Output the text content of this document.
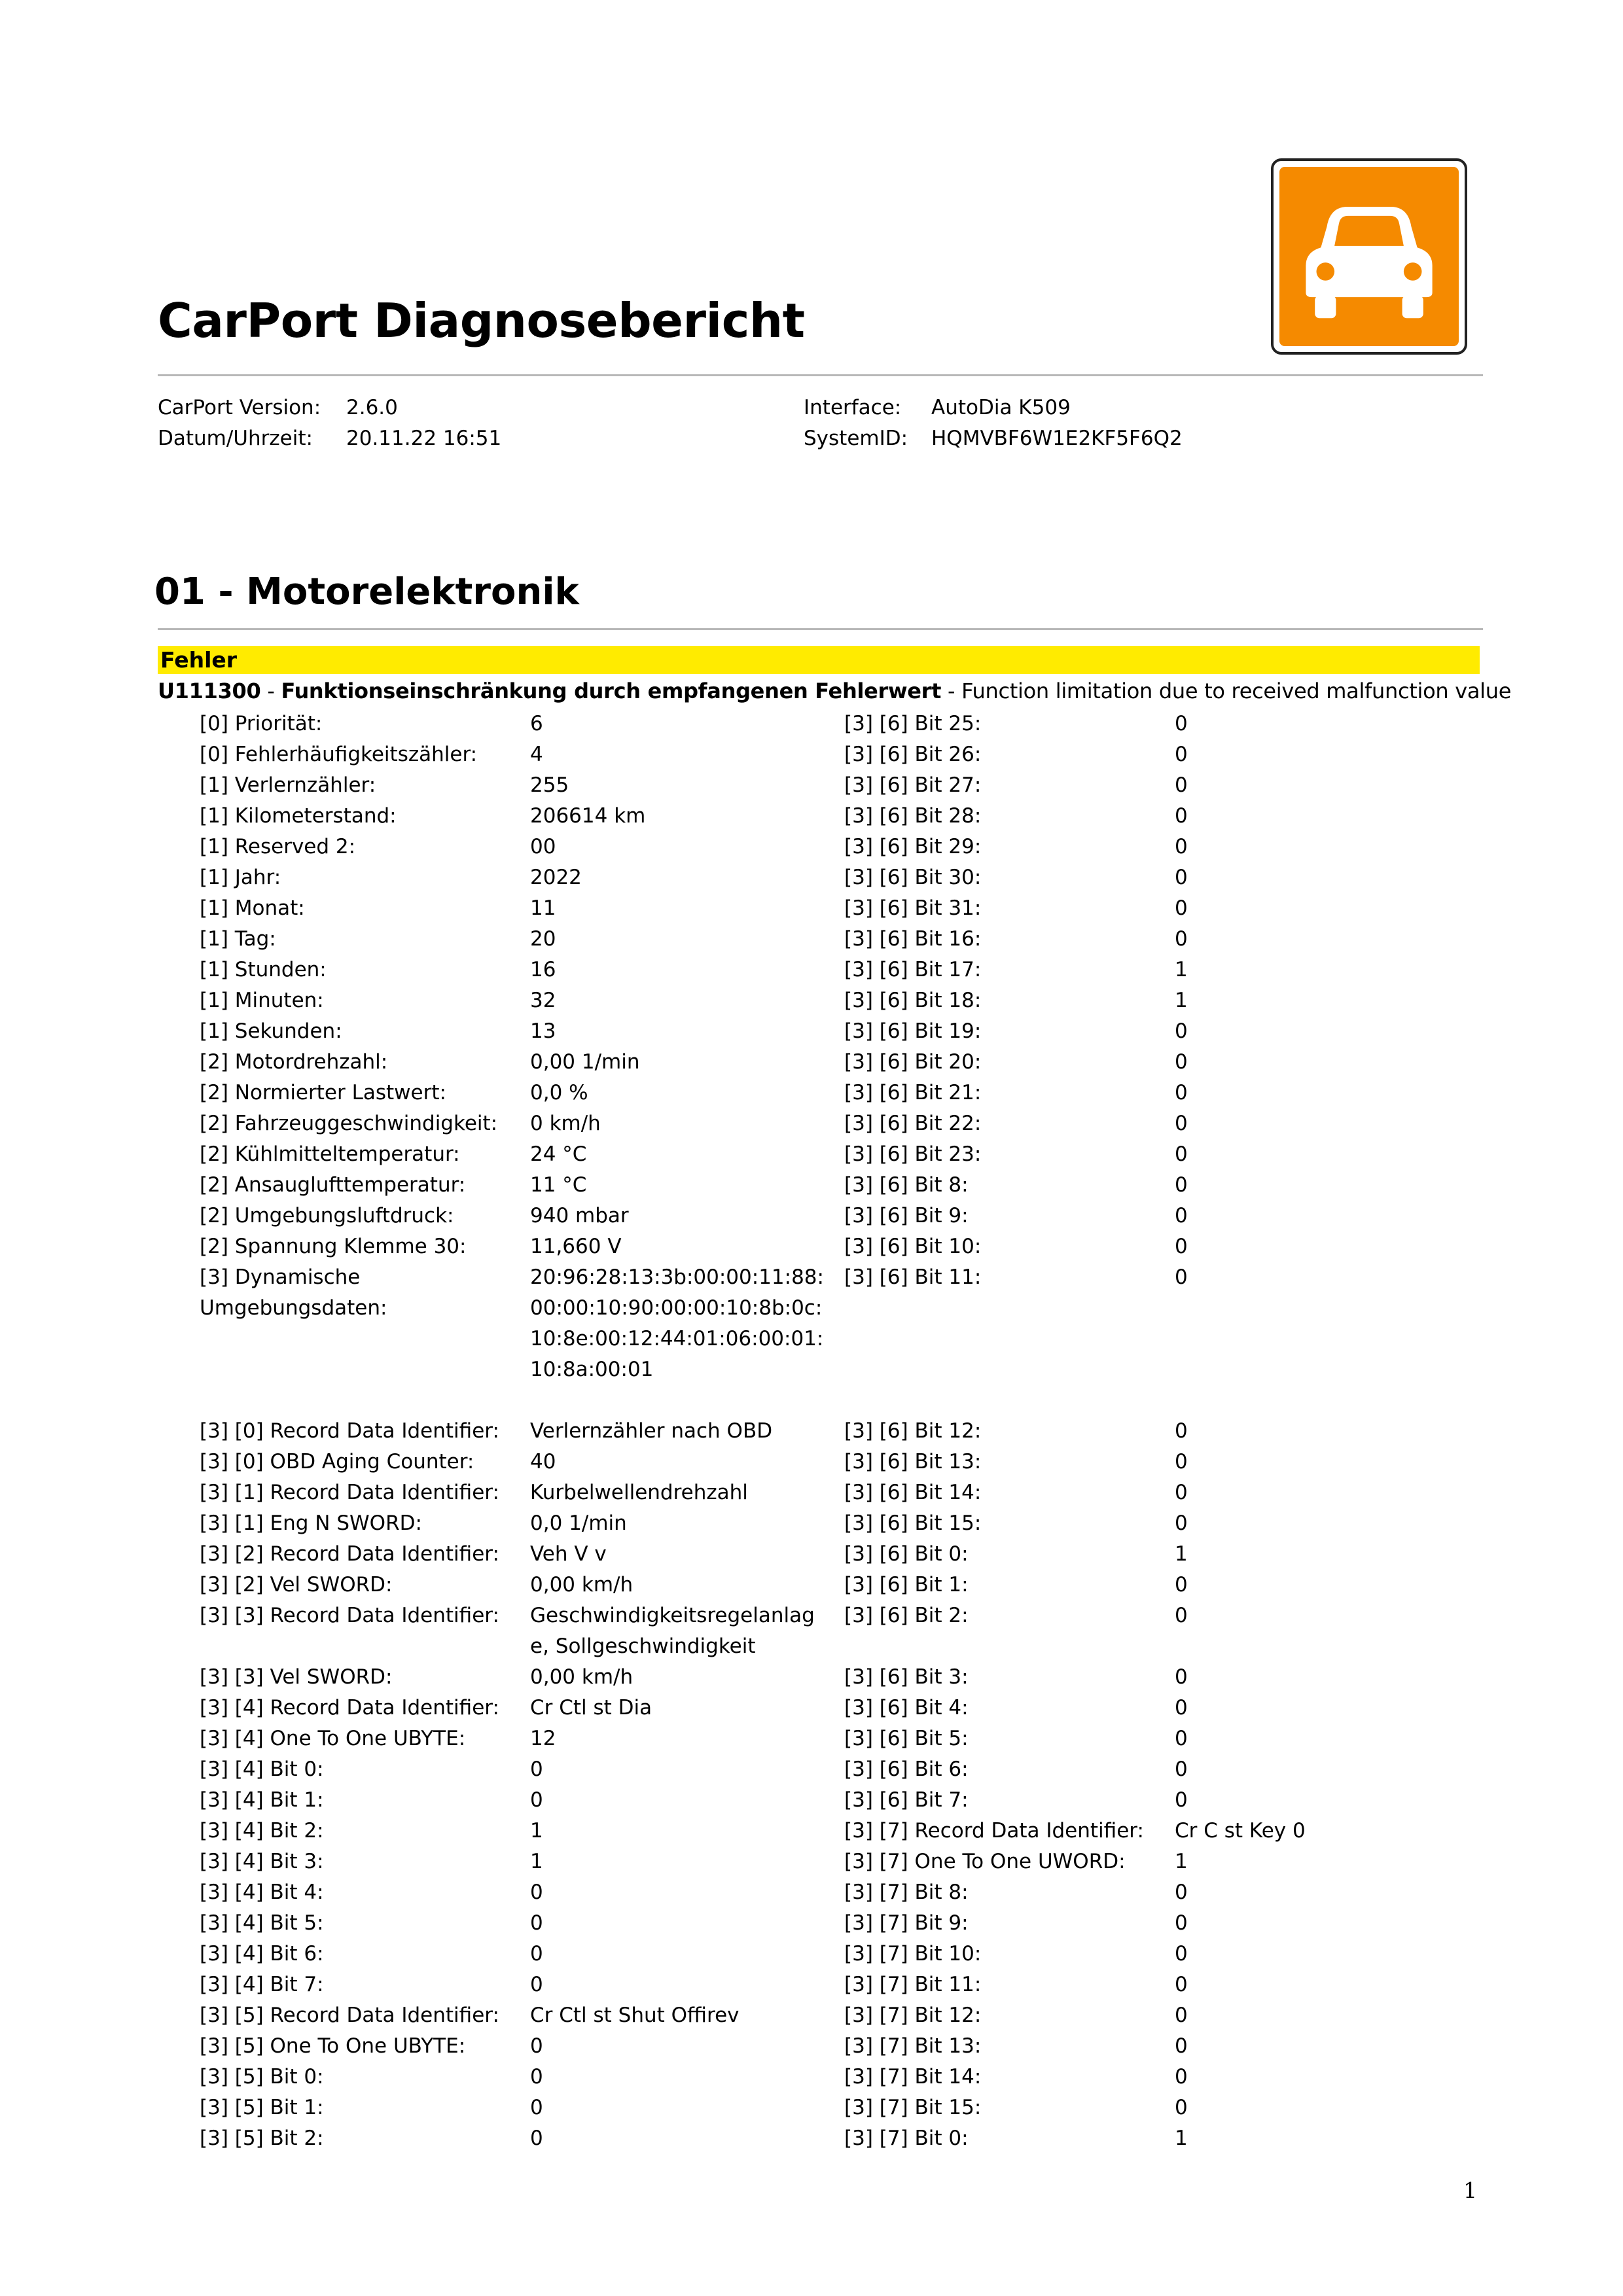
CarPort Diagnosebericht
CarPort Version:	2.6.0
Datum/Uhrzeit:	20.11.22 16:51
Interface:	AutoDia K509
SystemID:	HQMVBF6W1E2KF5F6Q2
01 - Motorelektronik
Fehler
U111300 - Funktionseinschränkung durch empfangenen Fehlerwert - Function limitation due to received malfunction value
[0] Priorität:	6
[0] Fehlerhäufigkeitszähler:	4
[1] Verlernzähler:	255
[1] Kilometerstand:	206614 km
[1] Reserved 2:	00
[1] Jahr:	2022
[1] Monat:	11
[1] Tag:	20
[1] Stunden:	16
[1] Minuten:	32
[1] Sekunden:	13
[2] Motordrehzahl:	0,00 1/min
[2] Normierter Lastwert:	0,0 %
[2] Fahrzeuggeschwindigkeit:	0 km/h
[2] Kühlmitteltemperatur:	24 °C
[2] Ansauglufttemperatur:	11 °C
[2] Umgebungsluftdruck:	940 mbar
[2] Spannung Klemme 30:	11,660 V
[3] Dynamische Umgebungsdaten:
20:96:28:13:3b:00:00:11:88:00:00:10:90:00:00:10:8b:0c:10:8e:00:12:44:01:06:00:01:10:8a:00:01
[3] [0] Record Data Identifier:	Verlernzähler nach OBD
[3] [0] OBD Aging Counter:	40
[3] [1] Record Data Identifier:	Kurbelwellendrehzahl
[3] [1] Eng N SWORD:	0,0 1/min
[3] [2] Record Data Identifier:	Veh V v
[3] [2] Vel SWORD:	0,00 km/h
[3] [3] Record Data Identifier:	Geschwindigkeitsregelanlage, Sollgeschwindigkeit
[3] [3] Vel SWORD:	0,00 km/h
[3] [4] Record Data Identifier:	Cr Ctl st Dia
[3] [4] One To One UBYTE:	12
[3] [4] Bit 0:	0
[3] [4] Bit 1:	0
[3] [4] Bit 2:	1
[3] [4] Bit 3:	1
[3] [4] Bit 4:	0
[3] [4] Bit 5:	0
[3] [4] Bit 6:	0
[3] [4] Bit 7:	0
[3] [5] Record Data Identifier:	Cr Ctl st Shut Offirev
[3] [5] One To One UBYTE:	0
[3] [5] Bit 0:	0
[3] [5] Bit 1:	0
[3] [5] Bit 2:	0
[3] [6] Bit 25:	0
[3] [6] Bit 26:	0
[3] [6] Bit 27:	0
[3] [6] Bit 28:	0
[3] [6] Bit 29:	0
[3] [6] Bit 30:	0
[3] [6] Bit 31:	0
[3] [6] Bit 16:	0
[3] [6] Bit 17:	1
[3] [6] Bit 18:	1
[3] [6] Bit 19:	0
[3] [6] Bit 20:	0
[3] [6] Bit 21:	0
[3] [6] Bit 22:	0
[3] [6] Bit 23:	0
[3] [6] Bit 8:	0
[3] [6] Bit 9:	0
[3] [6] Bit 10:	0
[3] [6] Bit 11:	0
[3] [6] Bit 12:	0
[3] [6] Bit 13:	0
[3] [6] Bit 14:	0
[3] [6] Bit 15:	0
[3] [6] Bit 0:	1
[3] [6] Bit 1:	0
[3] [6] Bit 2:	0
[3] [6] Bit 3:	0
[3] [6] Bit 4:	0
[3] [6] Bit 5:	0
[3] [6] Bit 6:	0
[3] [6] Bit 7:	0
[3] [7] Record Data Identifier:	Cr C st Key 0
[3] [7] One To One UWORD:	1
[3] [7] Bit 8:	0
[3] [7] Bit 9:	0
[3] [7] Bit 10:	0
[3] [7] Bit 11:	0
[3] [7] Bit 12:	0
[3] [7] Bit 13:	0
[3] [7] Bit 14:	0
[3] [7] Bit 15:	0
[3] [7] Bit 0:	1
1
